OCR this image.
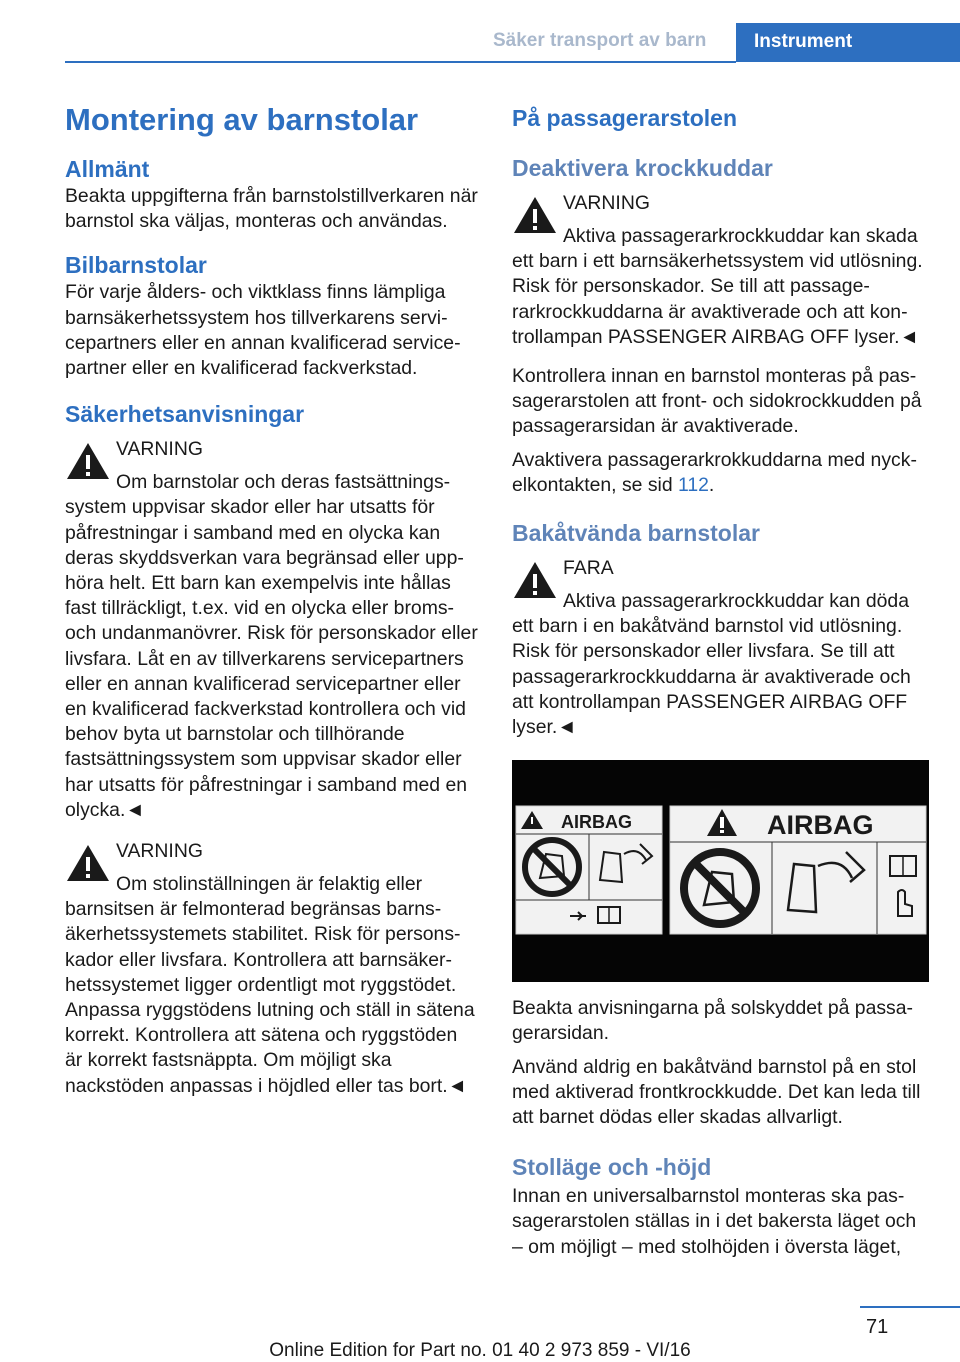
Säker transport av barn	Instrument
Montering av barnstolar
Allmänt
Beakta uppgifterna från barnstolstillverkaren när barnstol ska väljas, monteras och användas.
Bilbarnstolar
För varje ålders- och viktklass finns lämpliga barnsäkerhetssystem hos tillverkarens servicepartners eller en annan kvalificerad servicepartner eller en kvalificerad fackverkstad.
Säkerhetsanvisningar
VARNING
Om barnstolar och deras fastsättningssystem uppvisar skador eller har utsatts för påfrestningar i samband med en olycka kan deras skyddsverkan vara begränsad eller upphöra helt. Ett barn kan exempelvis inte hållas fast tillräckligt, t.ex. vid en olycka eller broms- och undanmanövrer. Risk för personskador eller livsfara. Låt en av tillverkarens servicepartners eller en annan kvalificerad servicepartner eller en kvalificerad fackverkstad kontrollera och vid behov byta ut barnstolar och tillhörande fastsättningssystem som uppvisar skador eller har utsatts för påfrestningar i samband med en olycka.◄
VARNING
Om stolinställningen är felaktig eller barnsitsen är felmonterad begränsas barnsäkerhetssystemets stabilitet. Risk för personskador eller livsfara. Kontrollera att barnsäkerhetssystemet ligger ordentligt mot ryggstödet. Anpassa ryggstödens lutning och ställ in sätena korrekt. Kontrollera att sätena och ryggstöden är korrekt fastsnäppta. Om möjligt ska nackstöden anpassas i höjdled eller tas bort.◄
På passagerarstolen
Deaktivera krockkuddar
VARNING
Aktiva passagerarkrockkuddar kan skada ett barn i ett barnsäkerhetssystem vid utlösning. Risk för personskador. Se till att passagerarkrockkuddarna är avaktiverade och att kontrollampan PASSENGER AIRBAG OFF lyser.◄
Kontrollera innan en barnstol monteras på passagerarstolen att front- och sidokrockkudden på passagerarsidan är avaktiverade.
Avaktivera passagerarkrokkuddarna med nyckelkontakten, se sid 112.
Bakåtvända barnstolar
FARA
Aktiva passagerarkrockkuddar kan döda ett barn i en bakåtvänd barnstol vid utlösning. Risk för personskador eller livsfara. Se till att passagerarkrockkuddarna är avaktiverade och att kontrollampan PASSENGER AIRBAG OFF lyser.◄
AIRBAG	AIRBAG
Beakta anvisningarna på solskyddet på passagerarsidan.
Använd aldrig en bakåtvänd barnstol på en stol med aktiverad frontkrockkudde. Det kan leda till att barnet dödas eller skadas allvarligt.
Stolläge och -höjd
Innan en universalbarnstol monteras ska passagerarstolen ställas in i det bakersta läget och – om möjligt – med stolhöjden i översta läget,
71
Online Edition for Part no. 01 40 2 973 859 - VI/16
